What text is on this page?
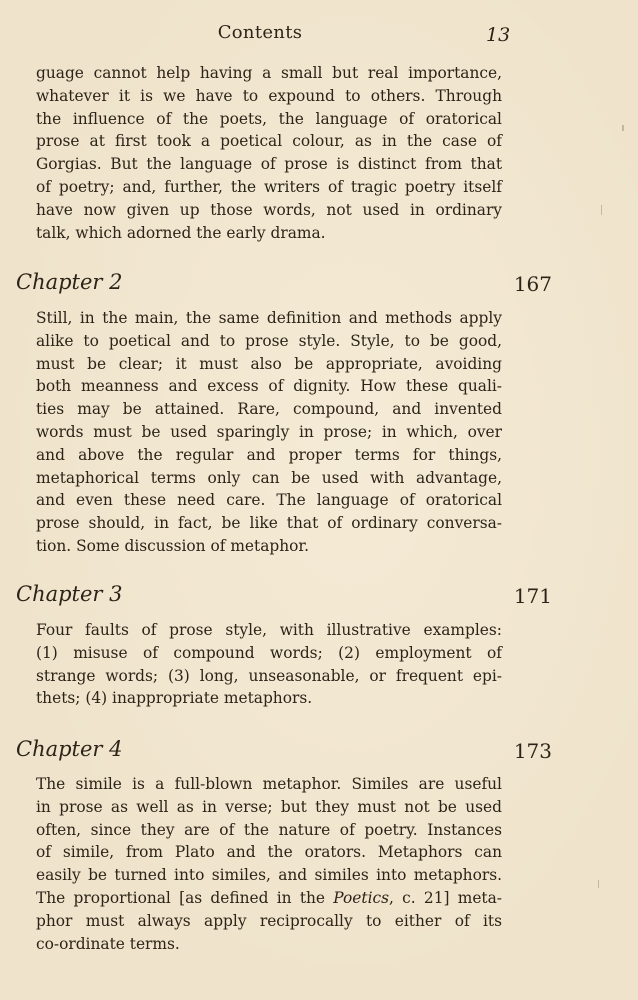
Contents	13

guage cannot help having a small but real importance,
whatever it is we have to expound to others. Through
the influence of the poets, the language of oratorical
prose at first took a poetical colour, as in the case of
Gorgias. But the language of prose is distinct from that
of poetry; and, further, the writers of tragic poetry itself
have now given up those words, not used in ordinary
talk, which adorned the early drama.

Chapter 2	167

Still, in the main, the same definition and methods apply
alike to poetical and to prose style. Style, to be good,
must be clear; it must also be appropriate, avoiding
both meanness and excess of dignity. How these quali-
ties may be attained. Rare, compound, and invented
words must be used sparingly in prose; in which, over
and above the regular and proper terms for things,
metaphorical terms only can be used with advantage,
and even these need care. The language of oratorical
prose should, in fact, be like that of ordinary conversa-
tion. Some discussion of metaphor.

Chapter 3	171

Four faults of prose style, with illustrative examples:
(1) misuse of compound words; (2) employment of
strange words; (3) long, unseasonable, or frequent epi-
thets; (4) inappropriate metaphors.

Chapter 4	173

The simile is a full-blown metaphor. Similes are useful
in prose as well as in verse; but they must not be used
often, since they are of the nature of poetry. Instances
of simile, from Plato and the orators. Metaphors can
easily be turned into similes, and similes into metaphors.
The proportional [as defined in the Poetics, c. 21] meta-
phor must always apply reciprocally to either of its
co-ordinate terms.
